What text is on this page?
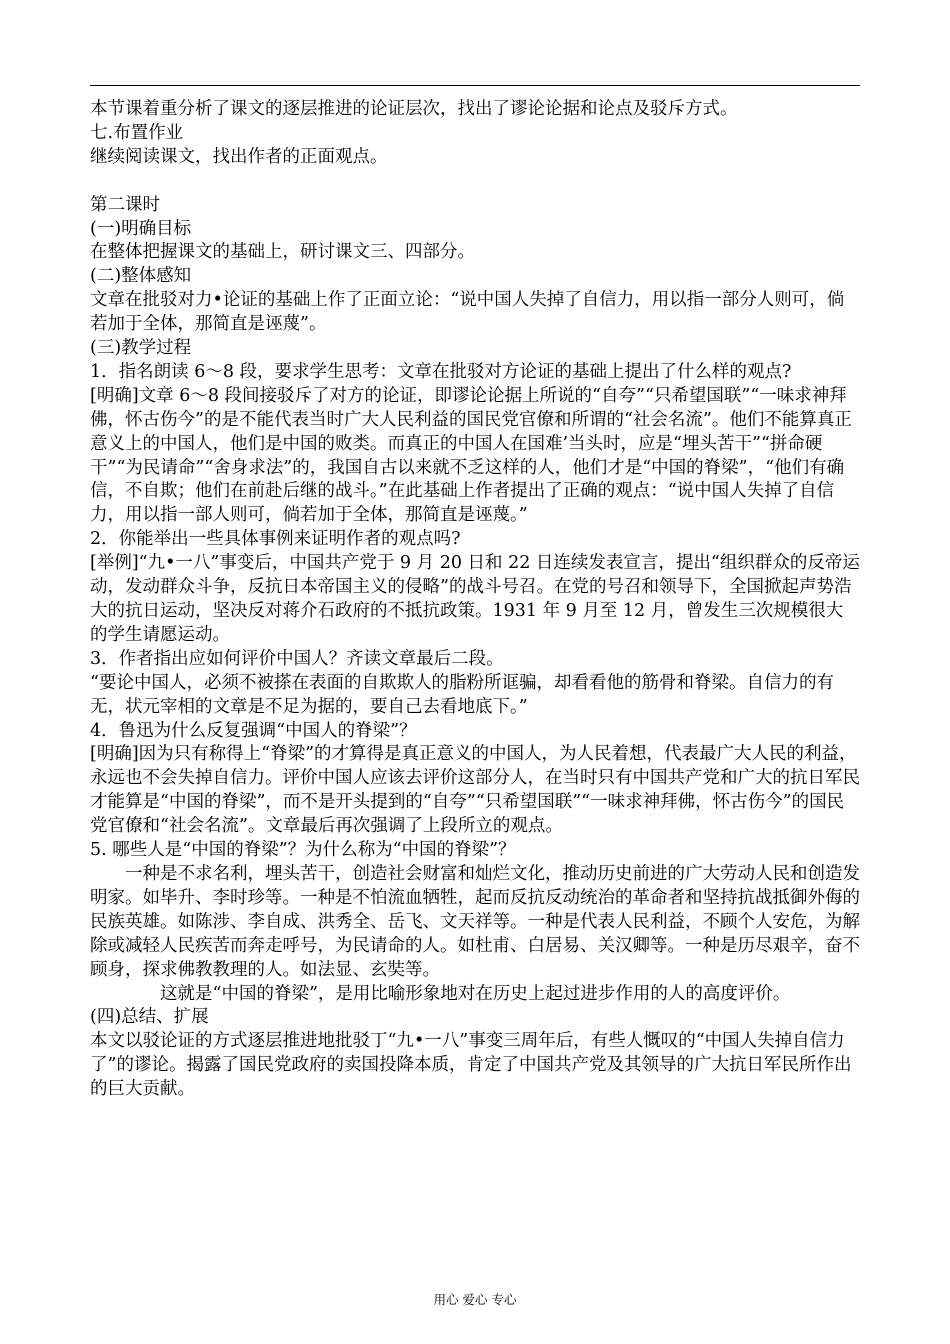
本节课着重分析了课文的逐层推进的论证层次，找出了谬论论据和论点及驳斥方式。

七.布置作业

继续阅读课文，找出作者的正面观点。

第二课时

(一)明确目标

在整体把握课文的基础上，研讨课文三、四部分。

(二)整体感知

文章在批驳对力•论证的基础上作了正面立论：“说中国人失掉了自信力，用以指一部分人则可，倘若加于全体，那简直是诬蔑”。

(三)教学过程

1．指名朗读 6～8 段，要求学生思考：文章在批驳对方论证的基础上提出了什么样的观点?

[明确]文章 6～8 段间接驳斥了对方的论证，即谬论论据上所说的“自夸”“只希望国联”“一味求神拜佛，怀古伤今”的是不能代表当时广大人民利益的国民党官僚和所谓的“社会名流”。他们不能算真正意义上的中国人，他们是中国的败类。而真正的中国人在国难’当头时，应是“埋头苦干”“拼命硬干”“为民请命”“舍身求法”的，我国自古以来就不乏这样的人，他们才是“中国的脊梁”，“他们有确信，不自欺；他们在前赴后继的战斗。”在此基础上作者提出了正确的观点：“说中国人失掉了自信力，用以指一部人则可，倘若加于全体，那简直是诬蔑。”

2．你能举出一些具体事例来证明作者的观点吗?

[举例]“九•一八”事变后，中国共产党于 9 月 20 日和 22 日连续发表宣言，提出“组织群众的反帝运动，发动群众斗争，反抗日本帝国主义的侵略”的战斗号召。在党的号召和领导下，全国掀起声势浩大的抗日运动，坚决反对蒋介石政府的不抵抗政策。1931 年 9 月至 12 月，曾发生三次规模很大的学生请愿运动。

3．作者指出应如何评价中国人？齐读文章最后二段。

“要论中国人，必须不被搽在表面的自欺欺人的脂粉所诓骗，却看看他的筋骨和脊梁。自信力的有无，状元宰相的文章是不足为据的，要自己去看地底下。”

4．鲁迅为什么反复强调“中国人的脊梁”？

[明确]因为只有称得上“脊梁”的才算得是真正意义的中国人，为人民着想，代表最广大人民的利益，永远也不会失掉自信力。评价中国人应该去评价这部分人，在当时只有中国共产党和广大的抗日军民才能算是“中国的脊梁”，而不是开头提到的“自夸”“只希望国联”“一味求神拜佛，怀古伤今”的国民党官僚和“社会名流”。文章最后再次强调了上段所立的观点。

5. 哪些人是“中国的脊梁”？为什么称为“中国的脊梁”？

一种是不求名利，埋头苦干，创造社会财富和灿烂文化，推动历史前进的广大劳动人民和创造发明家。如毕升、李时珍等。一种是不怕流血牺牲，起而反抗反动统治的革命者和坚持抗战抵御外侮的民族英雄。如陈涉、李自成、洪秀全、岳飞、文天祥等。一种是代表人民利益，不顾个人安危，为解除或减轻人民疾苦而奔走呼号，为民请命的人。如杜甫、白居易、关汉卿等。一种是历尽艰辛，奋不顾身，探求佛教教理的人。如法显、玄奘等。

这就是“中国的脊梁”，是用比喻形象地对在历史上起过进步作用的人的高度评价。

(四)总结、扩展

本文以驳论证的方式逐层推进地批驳丁“九•一八”事变三周年后，有些人慨叹的“中国人失掉自信力了”的谬论。揭露了国民党政府的卖国投降本质，肯定了中国共产党及其领导的广大抗日军民所作出的巨大贡献。

用心 爱心 专心
